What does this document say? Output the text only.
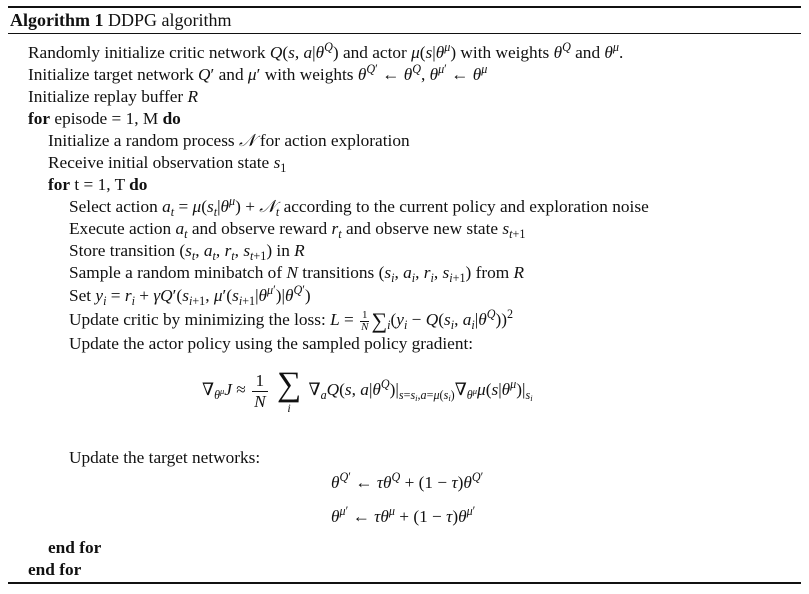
Algorithm 1 DDPG algorithm
Randomly initialize critic network Q(s, $a|\theta^Q$) and actor $\mu(s|\theta^\mu)$ with weights $\theta^Q$ and $\theta^\mu$.
Initialize target network Q′ and μ′ with weights $\theta^{Q'}$ ← $\theta^Q$, $\theta^{\mu'}$ ← $\theta^\mu$
Initialize replay buffer R
for episode = 1, M do
Initialize a random process 𝒩 for action exploration
Receive initial observation state $s_1$
for t = 1, T do
Select action $a_t = \mu(s_t|\theta^\mu)$ + 𝒩$_t$ according to the current policy and exploration noise
Execute action $a_t$ and observe reward $r_t$ and observe new state $s_{t+1}$
Store transition ($s_t$, $a_t$, $r_t$, $s_{t+1}$) in R
Sample a random minibatch of N transitions ($s_i$, $a_i$, $r_i$, $s_{i+1}$) from R
Set $y_i = r_i + \gamma Q'(s_{i+1}$, $\mu'(s_{i+1}|\theta^{\mu'})|\theta^{Q'}$)
Update critic by minimizing the loss: $L = \frac{1}{N} \sum_i(y_i - Q(s_i$, $a_i|\theta^Q))^2$
Update the actor policy using the sampled policy gradient:
$\nabla_{\theta^\mu}J \approx \frac{1}{N}$
∑
i
$\nabla_aQ(s$, $a|\theta^Q)|_{s=s_i,a=\mu(s_i)}\nabla_{\theta^\mu}\mu(s|\theta^\mu)|_{s_i}$
Update the target networks:
$\theta^{Q'}$ ← $\tau\theta^Q + (1 - \tau)\theta^{Q'}$
$\theta^{\mu'}$ ← $\tau\theta^\mu + (1 - \tau)\theta^{\mu'}$
end for
end for
